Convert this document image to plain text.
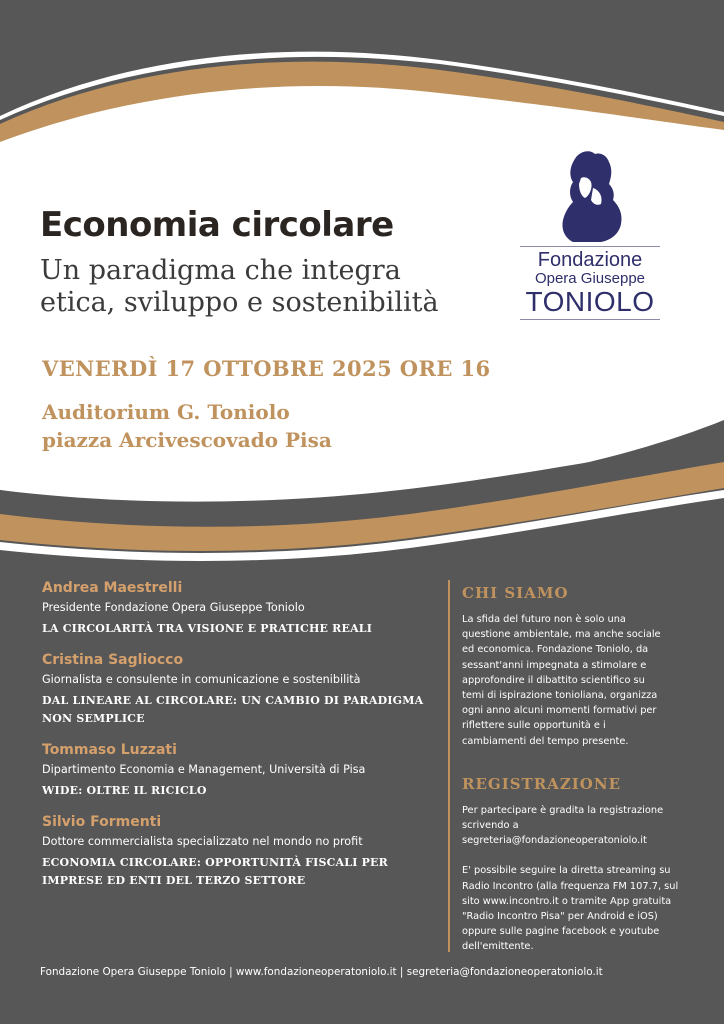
Economia circolare
Un paradigma che integra
etica, sviluppo e sostenibilità
VENERDÌ 17 OTTOBRE 2025 ORE 16
Auditorium G. Toniolo
piazza Arcivescovado Pisa
Fondazione
Opera Giuseppe
TONIOLO
Andrea Maestrelli
Presidente Fondazione Opera Giuseppe Toniolo
LA CIRCOLARITÀ TRA VISIONE E PRATICHE REALI
Cristina Sagliocco
Giornalista e consulente in comunicazione e sostenibilità
DAL LINEARE AL CIRCOLARE: UN CAMBIO DI PARADIGMA
NON SEMPLICE
Tommaso Luzzati
Dipartimento Economia e Management, Università di Pisa
WIDE: OLTRE IL RICICLO
Silvio Formenti
Dottore commercialista specializzato nel mondo no profit
ECONOMIA CIRCOLARE: OPPORTUNITÀ FISCALI PER
IMPRESE ED ENTI DEL TERZO SETTORE
CHI SIAMO
La sfida del futuro non è solo una
questione ambientale, ma anche sociale
ed economica. Fondazione Toniolo, da
sessant'anni impegnata a stimolare e
approfondire il dibattito scientifico su
temi di ispirazione tonioliana, organizza
ogni anno alcuni momenti formativi per
riflettere sulle opportunità e i
cambiamenti del tempo presente.
REGISTRAZIONE
Per partecipare è gradita la registrazione
scrivendo a
segreteria@fondazioneoperatoniolo.it
E' possibile seguire la diretta streaming su
Radio Incontro (alla frequenza FM 107.7, sul
sito www.incontro.it o tramite App gratuita
"Radio Incontro Pisa" per Android e iOS)
oppure sulle pagine facebook e youtube
dell'emittente.
Fondazione Opera Giuseppe Toniolo | www.fondazioneoperatoniolo.it | segreteria@fondazioneoperatoniolo.it
